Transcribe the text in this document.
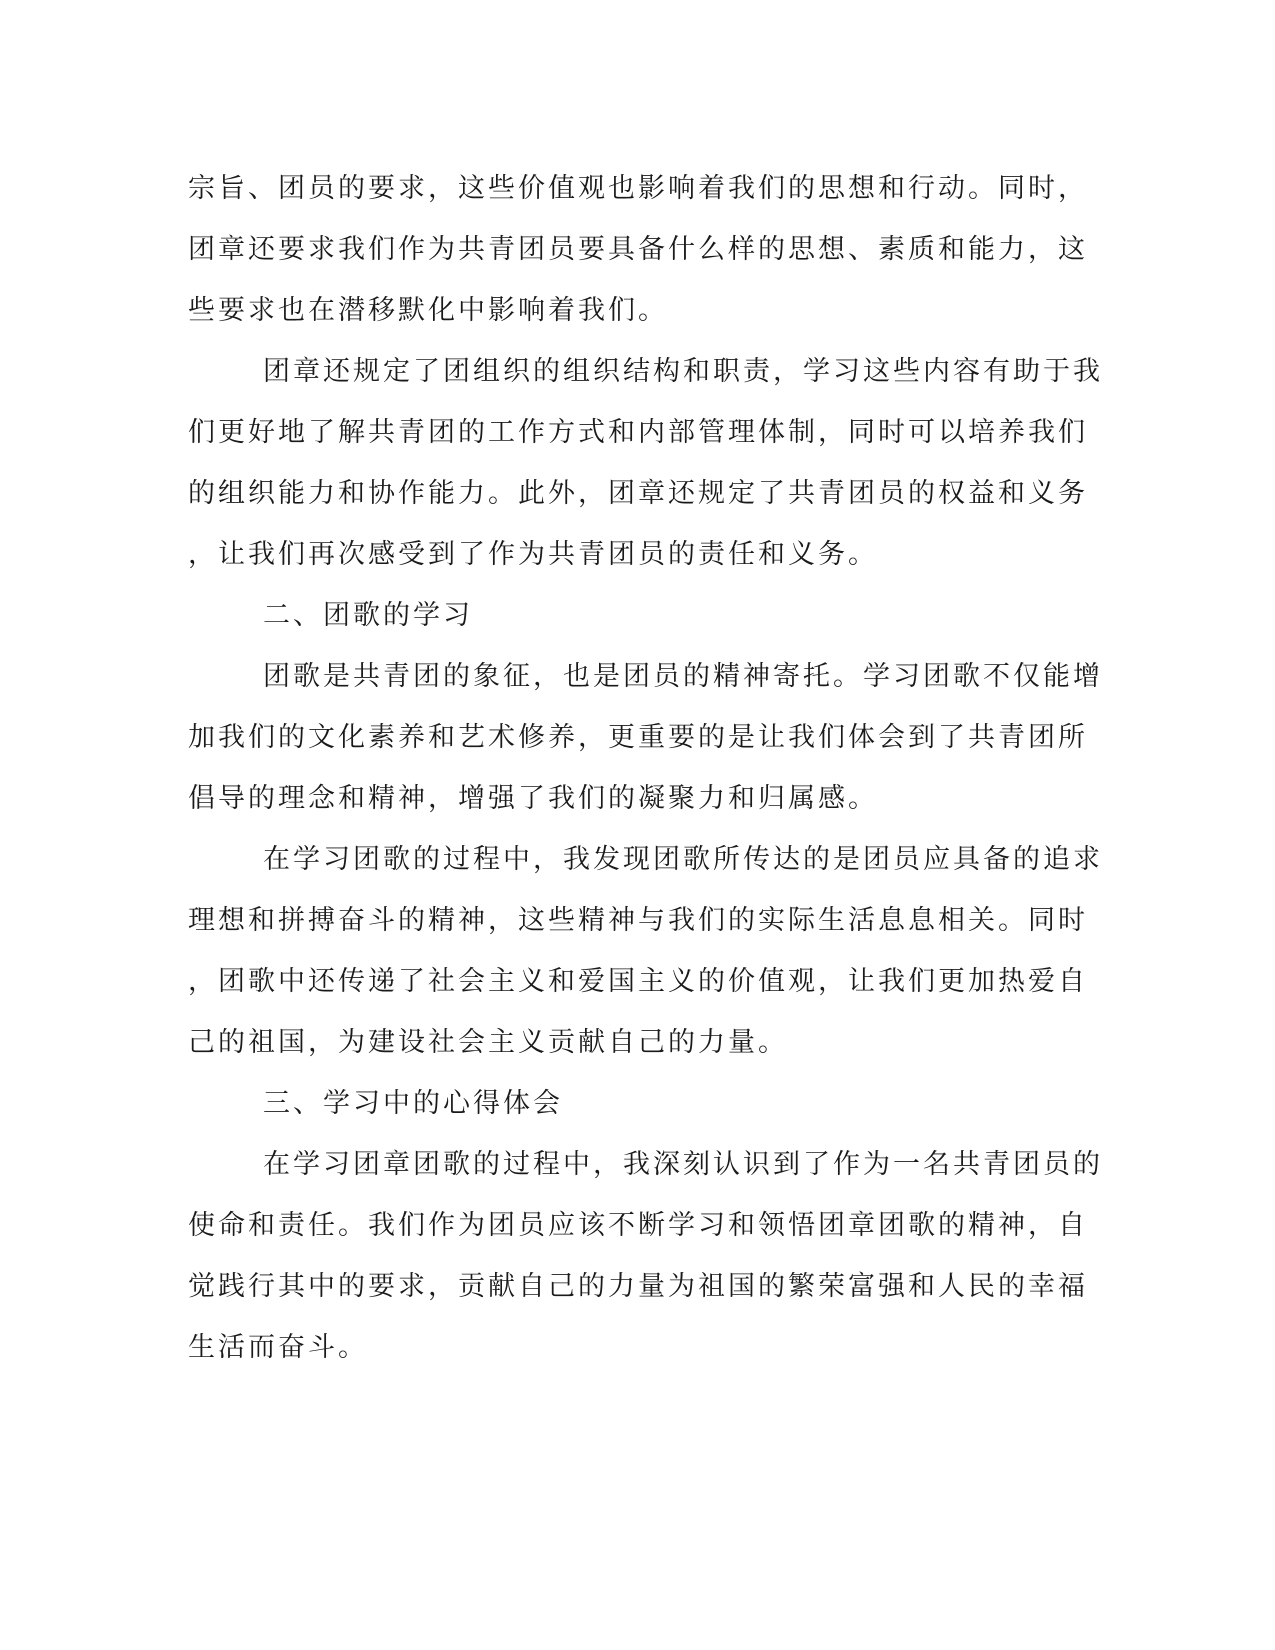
宗旨、团员的要求，这些价值观也影响着我们的思想和行动。同时，
团章还要求我们作为共青团员要具备什么样的思想、素质和能力，这
些要求也在潜移默化中影响着我们。
团章还规定了团组织的组织结构和职责，学习这些内容有助于我
们更好地了解共青团的工作方式和内部管理体制，同时可以培养我们
的组织能力和协作能力。此外，团章还规定了共青团员的权益和义务
，让我们再次感受到了作为共青团员的责任和义务。
二、团歌的学习
团歌是共青团的象征，也是团员的精神寄托。学习团歌不仅能增
加我们的文化素养和艺术修养，更重要的是让我们体会到了共青团所
倡导的理念和精神，增强了我们的凝聚力和归属感。
在学习团歌的过程中，我发现团歌所传达的是团员应具备的追求
理想和拼搏奋斗的精神，这些精神与我们的实际生活息息相关。同时
，团歌中还传递了社会主义和爱国主义的价值观，让我们更加热爱自
己的祖国，为建设社会主义贡献自己的力量。
三、学习中的心得体会
在学习团章团歌的过程中，我深刻认识到了作为一名共青团员的
使命和责任。我们作为团员应该不断学习和领悟团章团歌的精神，自
觉践行其中的要求，贡献自己的力量为祖国的繁荣富强和人民的幸福
生活而奋斗。
